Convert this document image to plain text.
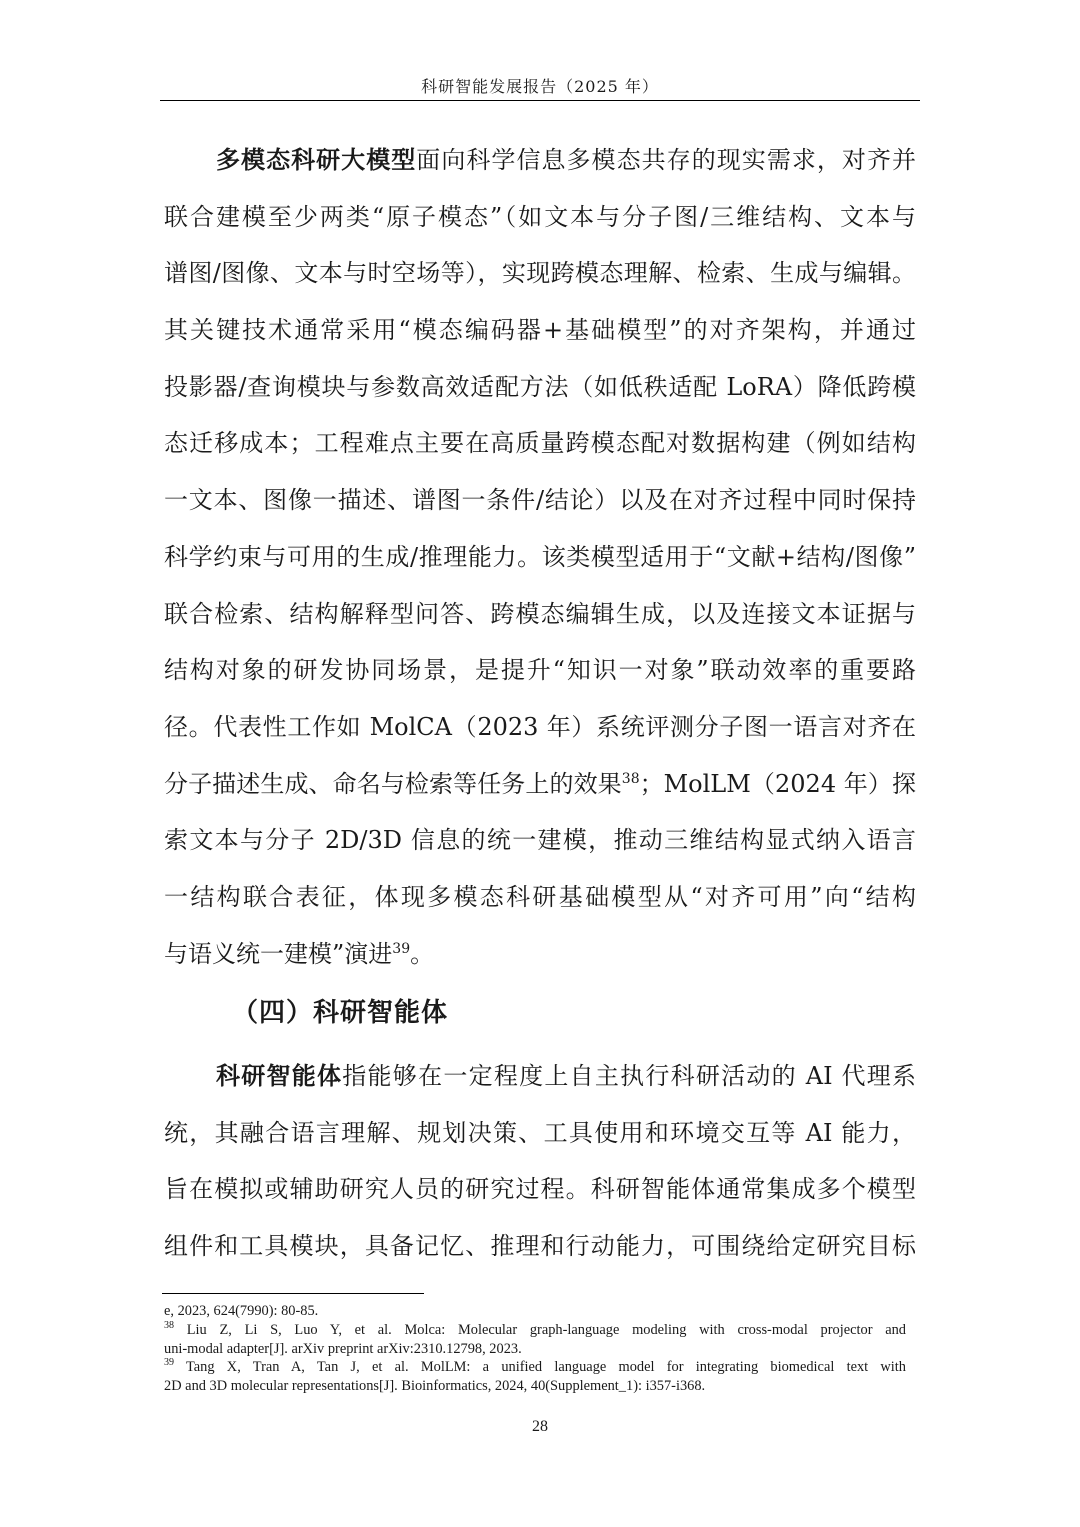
科研智能发展报告（2025 年）
多模态科研大模型面向科学信息多模态共存的现实需求，对齐并
联合建模至少两类“原子模态”（如文本与分子图/三维结构、文本与
谱图/图像、文本与时空场等），实现跨模态理解、检索、生成与编辑。
其关键技术通常采用“模态编码器+基础模型”的对齐架构，并通过
投影器/查询模块与参数高效适配方法（如低秩适配 LoRA）降低跨模
态迁移成本；工程难点主要在高质量跨模态配对数据构建（例如结构
一文本、图像一描述、谱图一条件/结论）以及在对齐过程中同时保持
科学约束与可用的生成/推理能力。该类模型适用于“文献+结构/图像”
联合检索、结构解释型问答、跨模态编辑生成，以及连接文本证据与
结构对象的研发协同场景，是提升“知识一对象”联动效率的重要路
径。代表性工作如 MolCA（2023 年）系统评测分子图一语言对齐在
分子描述生成、命名与检索等任务上的效果$^{38}$；MolLM（2024 年）探
索文本与分子 2D/3D 信息的统一建模，推动三维结构显式纳入语言
一结构联合表征，体现多模态科研基础模型从“对齐可用”向“结构
与语义统一建模”演进$^{39}$。
（四）科研智能体
科研智能体指能够在一定程度上自主执行科研活动的 AI 代理系
统，其融合语言理解、规划决策、工具使用和环境交互等 AI 能力，
旨在模拟或辅助研究人员的研究过程。科研智能体通常集成多个模型
组件和工具模块，具备记忆、推理和行动能力，可围绕给定研究目标
e, 2023, 624(7990): 80-85.
$^{38}$ Liu Z, Li S, Luo Y, et al. Molca: Molecular graph-language modeling with cross-modal projector and
uni-modal adapter[J]. arXiv preprint arXiv:2310.12798, 2023.
$^{39}$ Tang X, Tran A, Tan J, et al. MolLM: a unified language model for integrating biomedical text with
2D and 3D molecular representations[J]. Bioinformatics, 2024, 40(Supplement_1): i357-i368.
28
